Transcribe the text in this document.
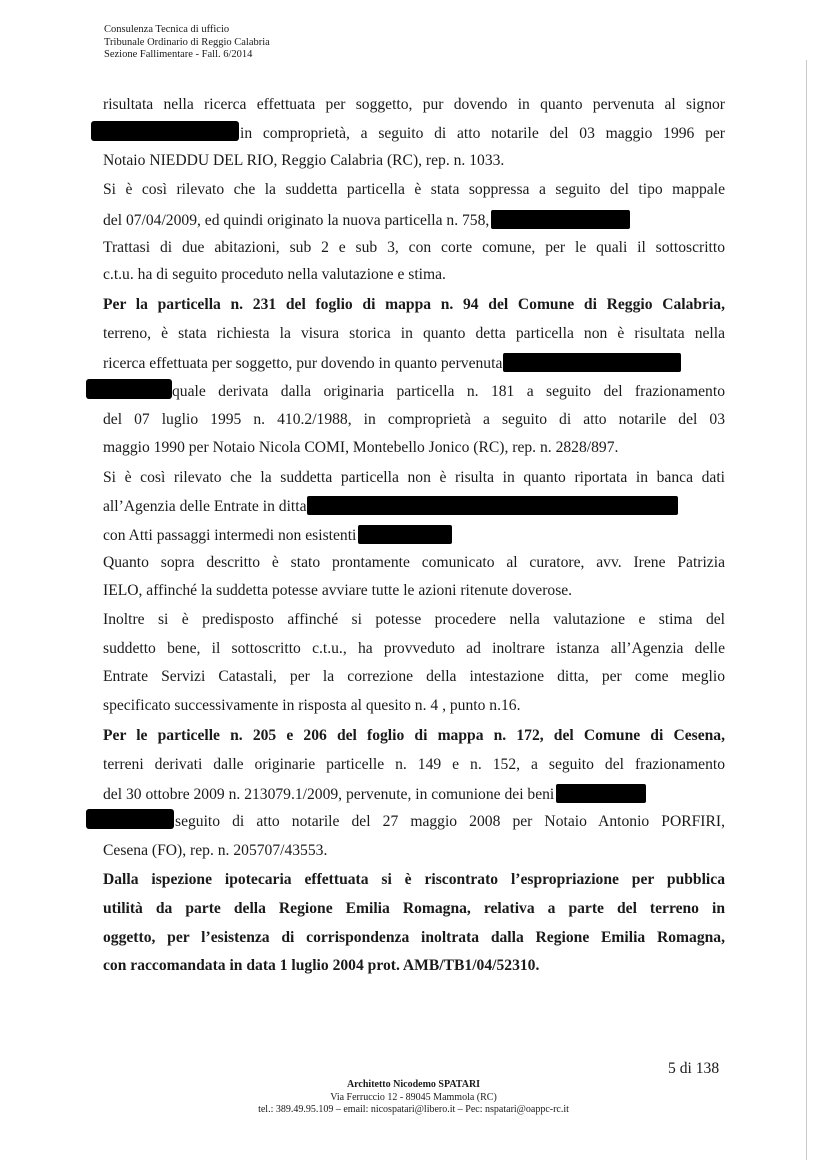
Consulenza Tecnica di ufficio
Tribunale Ordinario di Reggio Calabria
Sezione Fallimentare - Fall. 6/2014
risultata nella ricerca effettuata per soggetto, pur dovendo in quanto pervenuta al signor
in comproprietà, a seguito di atto notarile del 03 maggio 1996 per
Notaio NIEDDU DEL RIO, Reggio Calabria (RC), rep. n. 1033.
Si è così rilevato che la suddetta particella è stata soppressa a seguito del tipo mappale
del 07/04/2009, ed quindi originato la nuova particella n. 758,
Trattasi di due abitazioni, sub 2 e sub 3, con corte comune, per le quali il sottoscritto
c.t.u. ha di seguito proceduto nella valutazione e stima.
Per la particella n. 231 del foglio di mappa n. 94 del Comune di Reggio Calabria,
terreno, è stata richiesta la visura storica in quanto detta particella non è risultata nella
ricerca effettuata per soggetto, pur dovendo in quanto pervenuta
quale derivata dalla originaria particella n. 181 a seguito del frazionamento
del 07 luglio 1995 n. 410.2/1988, in comproprietà a seguito di atto notarile del 03
maggio 1990 per Notaio Nicola COMI, Montebello Jonico (RC), rep. n. 2828/897.
Si è così rilevato che la suddetta particella non è risulta in quanto riportata in banca dati
all’Agenzia delle Entrate in ditta
con Atti passaggi intermedi non esistenti
Quanto sopra descritto è stato prontamente comunicato al curatore, avv. Irene Patrizia
IELO, affinché la suddetta potesse avviare tutte le azioni ritenute doverose.
Inoltre si è predisposto affinché si potesse procedere nella valutazione e stima del
suddetto bene, il sottoscritto c.t.u., ha provveduto ad inoltrare istanza all’Agenzia delle
Entrate Servizi Catastali, per la correzione della intestazione ditta, per come meglio
specificato successivamente in risposta al quesito n. 4 , punto n.16.
Per le particelle n. 205 e 206 del foglio di mappa n. 172, del Comune di Cesena,
terreni derivati dalle originarie particelle n. 149 e n. 152, a seguito del frazionamento
del 30 ottobre 2009 n. 213079.1/2009, pervenute, in comunione dei beni
seguito di atto notarile del 27 maggio 2008 per Notaio Antonio PORFIRI,
Cesena (FO), rep. n. 205707/43553.
Dalla ispezione ipotecaria effettuata si è riscontrato l’espropriazione per pubblica
utilità da parte della Regione Emilia Romagna, relativa a parte del terreno in
oggetto, per l’esistenza di corrispondenza inoltrata dalla Regione Emilia Romagna,
con raccomandata in data 1 luglio 2004 prot. AMB/TB1/04/52310.
5 di 138
Architetto Nicodemo SPATARI
Via Ferruccio 12 - 89045 Mammola (RC)
tel.: 389.49.95.109 – email: nicospatari@libero.it – Pec: nspatari@oappc-rc.it
